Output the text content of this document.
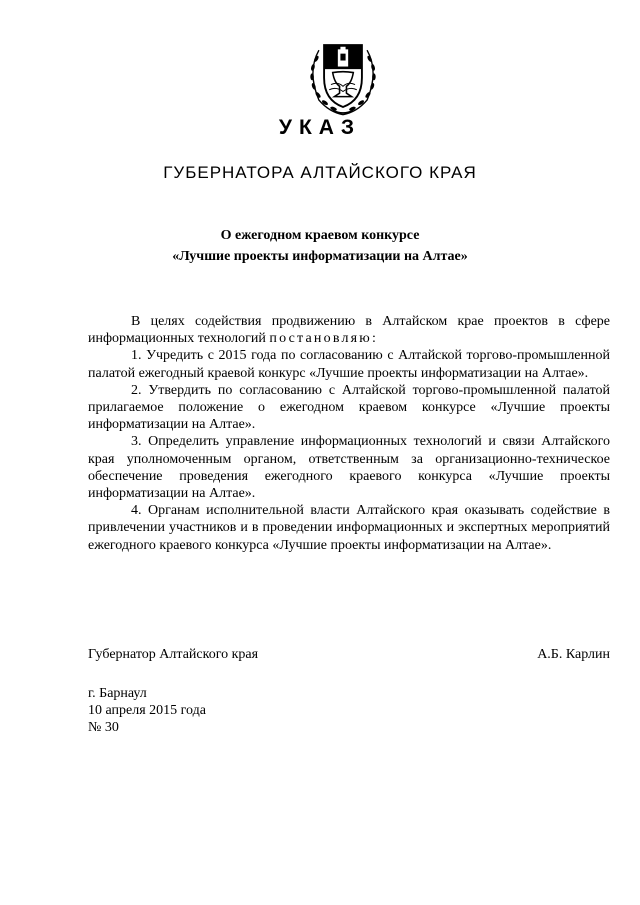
УКАЗ
ГУБЕРНАТОРА АЛТАЙСКОГО КРАЯ
О ежегодном краевом конкурсе
«Лучшие проекты информатизации на Алтае»

В целях содействия продвижению в Алтайском крае проектов в сфере информационных технологий постановляю:

1. Учредить с 2015 года по согласованию с Алтайской торгово-промышленной палатой ежегодный краевой конкурс «Лучшие проекты информатизации на Алтае».

2. Утвердить по согласованию с Алтайской торгово-промышленной палатой прилагаемое положение о ежегодном краевом конкурсе «Лучшие проекты информатизации на Алтае».

3. Определить управление информационных технологий и связи Алтайского края уполномоченным органом, ответственным за организационно-техническое обеспечение проведения ежегодного краевого конкурса «Лучшие проекты информатизации на Алтае».

4. Органам исполнительной власти Алтайского края оказывать содействие в привлечении участников и в проведении информационных и экспертных мероприятий ежегодного краевого конкурса «Лучшие проекты информатизации на Алтае».

Губернатор Алтайского края	А.Б. Карлин
г. Барнаул
10 апреля 2015 года
№ 30
